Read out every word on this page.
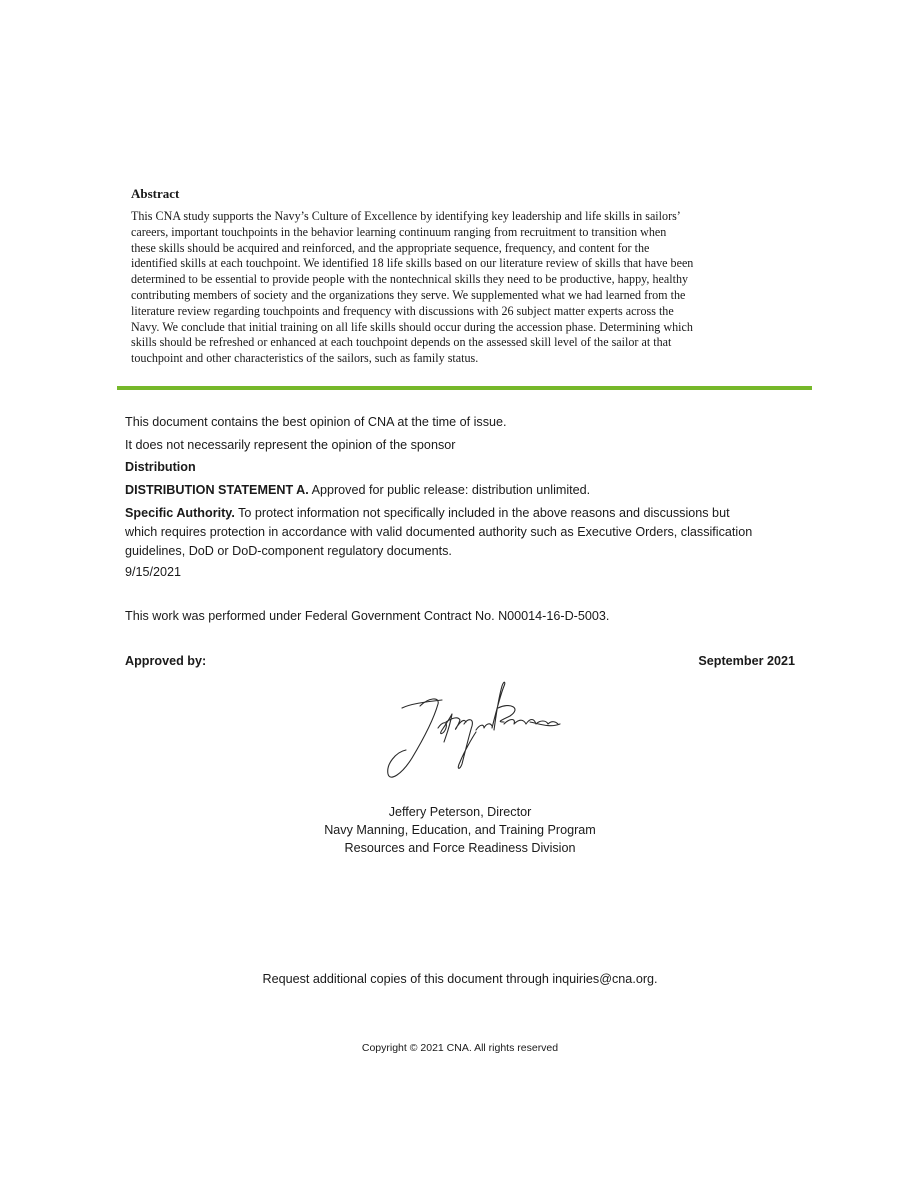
Abstract

This CNA study supports the Navy’s Culture of Excellence by identifying key leadership and life skills in sailors’
careers, important touchpoints in the behavior learning continuum ranging from recruitment to transition when
these skills should be acquired and reinforced, and the appropriate sequence, frequency, and content for the
identified skills at each touchpoint. We identified 18 life skills based on our literature review of skills that have been
determined to be essential to provide people with the nontechnical skills they need to be productive, happy, healthy
contributing members of society and the organizations they serve. We supplemented what we had learned from the
literature review regarding touchpoints and frequency with discussions with 26 subject matter experts across the
Navy. We conclude that initial training on all life skills should occur during the accession phase. Determining which
skills should be refreshed or enhanced at each touchpoint depends on the assessed skill level of the sailor at that
touchpoint and other characteristics of the sailors, such as family status.

This document contains the best opinion of CNA at the time of issue.
It does not necessarily represent the opinion of the sponsor
Distribution
DISTRIBUTION STATEMENT A. Approved for public release: distribution unlimited.
Specific Authority. To protect information not specifically included in the above reasons and discussions but
which requires protection in accordance with valid documented authority such as Executive Orders, classification
guidelines, DoD or DoD-component regulatory documents.
9/15/2021
This work was performed under Federal Government Contract No. N00014-16-D-5003.
Approved by:	September 2021
Jeffery Peterson, Director
Navy Manning, Education, and Training Program
Resources and Force Readiness Division
Request additional copies of this document through inquiries@cna.org.
Copyright © 2021 CNA. All rights reserved
